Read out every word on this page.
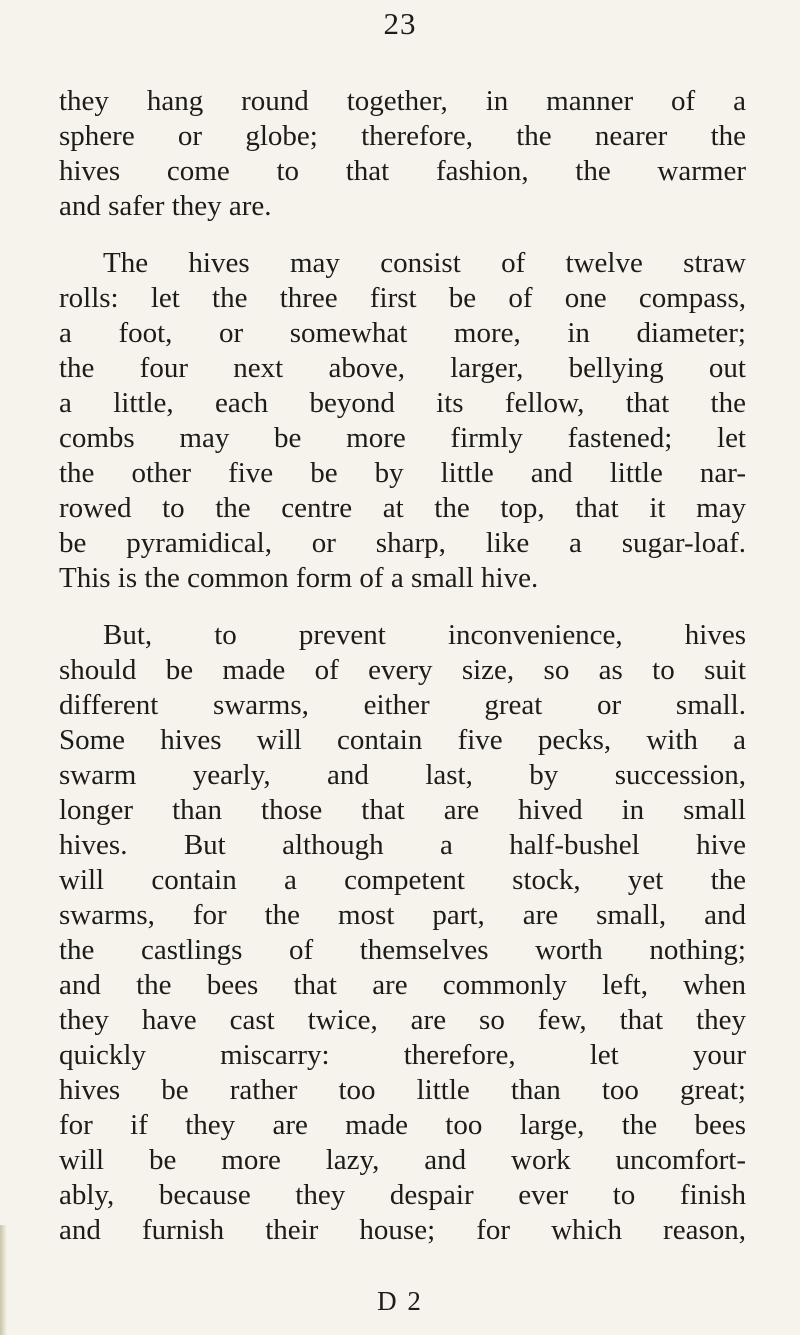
23
they hang round together, in manner of a
sphere or globe; therefore, the nearer the
hives come to that fashion, the warmer
and safer they are.
The hives may consist of twelve straw
rolls: let the three first be of one compass,
a foot, or somewhat more, in diameter;
the four next above, larger, bellying out
a little, each beyond its fellow, that the
combs may be more firmly fastened; let
the other five be by little and little nar-
rowed to the centre at the top, that it may
be pyramidical, or sharp, like a sugar-loaf.
This is the common form of a small hive.
But, to prevent inconvenience, hives
should be made of every size, so as to suit
different swarms, either great or small.
Some hives will contain five pecks, with a
swarm yearly, and last, by succession,
longer than those that are hived in small
hives. But although a half-bushel hive
will contain a competent stock, yet the
swarms, for the most part, are small, and
the castlings of themselves worth nothing;
and the bees that are commonly left, when
they have cast twice, are so few, that they
quickly miscarry: therefore, let your
hives be rather too little than too great;
for if they are made too large, the bees
will be more lazy, and work uncomfort-
ably, because they despair ever to finish
and furnish their house; for which reason,
D 2
